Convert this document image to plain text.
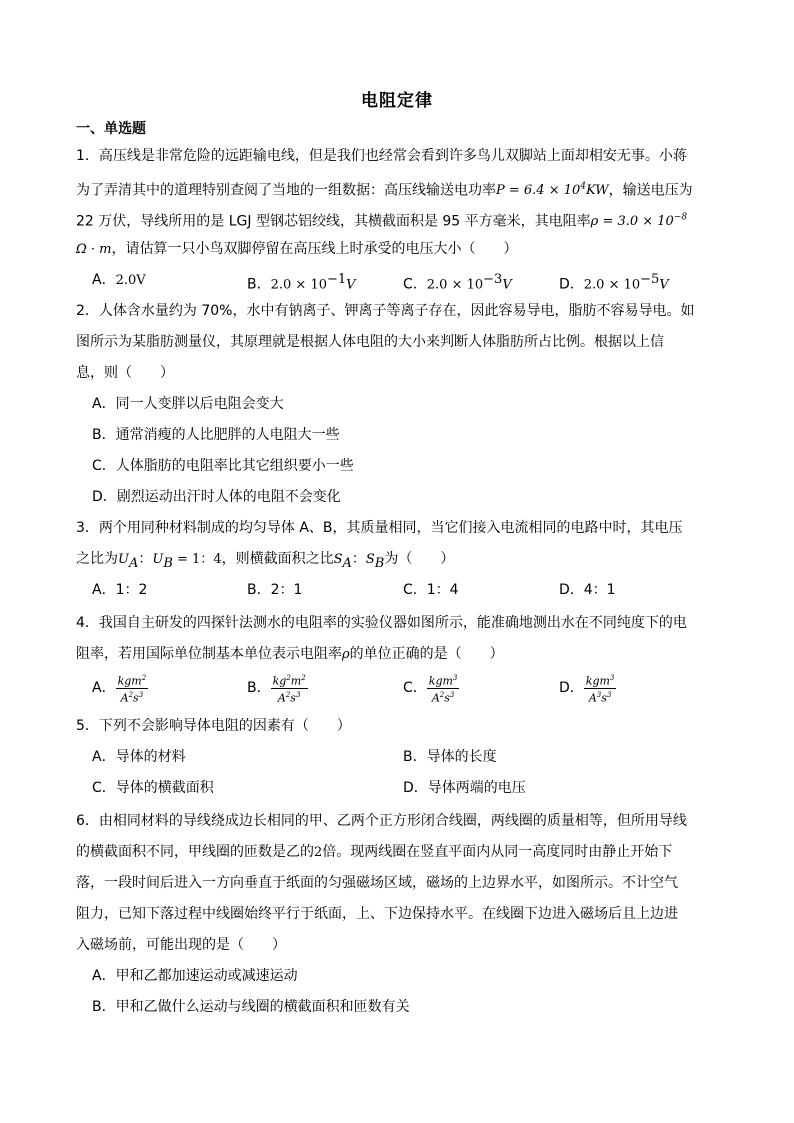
电阻定律
一、单选题
1．高压线是非常危险的远距输电线，但是我们也经常会看到许多鸟儿双脚站上面却相安无事。小蒋
为了弄清其中的道理特别查阅了当地的一组数据：高压线输送电功率$P = 6.4 \times 10^4KW$，输送电压为
22 万伏，导线所用的是 LGJ 型钢芯铝绞线，其横截面积是 95 平方毫米，其电阻率$\rho = 3.0 \times 10^{-8}$
Ω · m，请估算一只小鸟双脚停留在高压线上时承受的电压大小（　　）
A．2.0V	B．$2.0 \times 10^{-1}V$	C．$2.0 \times 10^{-3}V$	D．$2.0 \times 10^{-5}V$
2．人体含水量约为 70%，水中有钠离子、钾离子等离子存在，因此容易导电，脂肪不容易导电。如
图所示为某脂肪测量仪，其原理就是根据人体电阻的大小来判断人体脂肪所占比例。根据以上信
息，则（　　）
A．同一人变胖以后电阻会变大
B．通常消瘦的人比肥胖的人电阻大一些
C．人体脂肪的电阻率比其它组织要小一些
D．剧烈运动出汗时人体的电阻不会变化
3．两个用同种材料制成的均匀导体 A、B，其质量相同，当它们接入电流相同的电路中时，其电压
之比为$U_A$：$U_B = 1$：4，则横截面积之比$S_A$：$S_B$为（　　）
A．1：2	B．2：1	C．1：4	D．4：1
4．我国自主研发的四探针法测水的电阻率的实验仪器如图所示，能准确地测出水在不同纯度下的电
阻率，若用国际单位制基本单位表示电阻率ρ的单位正确的是（　　）
A． $\frac{kgm^2}{A^2s^3}$	B． $\frac{kg^2m^2}{A^2s^3}$	C． $\frac{kgm^3}{A^2s^3}$	D． $\frac{kgm^3}{A^3s^3}$
5．下列不会影响导体电阻的因素有（　　）
A．导体的材料	B．导体的长度
C．导体的横截面积	D．导体两端的电压
6．由相同材料的导线绕成边长相同的甲、乙两个正方形闭合线圈，两线圈的质量相等，但所用导线
的横截面积不同，甲线圈的匝数是乙的2倍。现两线圈在竖直平面内从同一高度同时由静止开始下
落，一段时间后进入一方向垂直于纸面的匀强磁场区域，磁场的上边界水平，如图所示。不计空气
阻力，已知下落过程中线圈始终平行于纸面，上、下边保持水平。在线圈下边进入磁场后且上边进
入磁场前，可能出现的是（　　）
A．甲和乙都加速运动或减速运动
B．甲和乙做什么运动与线圈的横截面积和匝数有关
